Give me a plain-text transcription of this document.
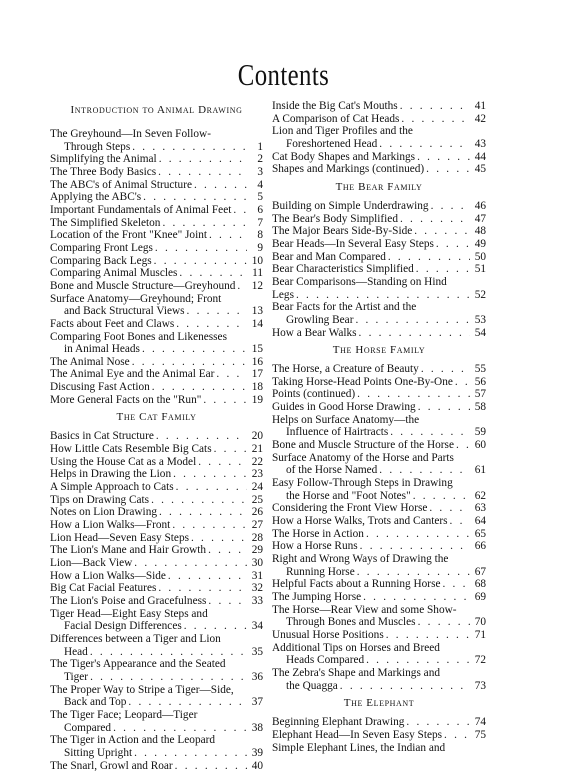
Contents
Introduction to Animal Drawing
The Greyhound—In Seven Follow-
Through Steps . . .	1
Simplifying the Animal . . .	2
The Three Body Basics . . .	3
The ABC's of Animal Structure . . .	4
Applying the ABC's . . .	5
Important Fundamentals of Animal Feet . . .	6
The Simplified Skeleton . . .	7
Location of the Front "Knee" Joint . . .	8
Comparing Front Legs . . .	9
Comparing Back Legs . . .	10
Comparing Animal Muscles . . .	11
Bone and Muscle Structure—Greyhound . . .	12
Surface Anatomy—Greyhound; Front
and Back Structural Views . . .	13
Facts about Feet and Claws . . .	14
Comparing Foot Bones and Likenesses
in Animal Heads . . .	15
The Animal Nose . . .	16
The Animal Eye and the Animal Ear . . .	17
Discusing Fast Action . . .	18
More General Facts on the "Run" . . .	19
The Cat Family
Basics in Cat Structure . . .	20
How Little Cats Resemble Big Cats . . .	21
Using the House Cat as a Model . . .	22
Helps in Drawing the Lion . . .	23
A Simple Approach to Cats . . .	24
Tips on Drawing Cats . . .	25
Notes on Lion Drawing . . .	26
How a Lion Walks—Front . . .	27
Lion Head—Seven Easy Steps . . .	28
The Lion's Mane and Hair Growth . . .	29
Lion—Back View . . .	30
How a Lion Walks—Side . . .	31
Big Cat Facial Features . . .	32
The Lion's Poise and Gracefulness . . .	33
Tiger Head—Eight Easy Steps and
Facial Design Differences . . .	34
Differences between a Tiger and Lion
Head . . .	35
The Tiger's Appearance and the Seated
Tiger . . .	36
The Proper Way to Stripe a Tiger—Side,
Back and Top . . .	37
The Tiger Face; Leopard—Tiger
Compared . . .	38
The Tiger in Action and the Leopard
Sitting Upright . . .	39
The Snarl, Growl and Roar . . .	40
Inside the Big Cat's Mouths . . .	41
A Comparison of Cat Heads . . .	42
Lion and Tiger Profiles and the
Foreshortened Head . . .	43
Cat Body Shapes and Markings . . .	44
Shapes and Markings (continued) . . .	45
The Bear Family
Building on Simple Underdrawing . . .	46
The Bear's Body Simplified . . .	47
The Major Bears Side-By-Side . . .	48
Bear Heads—In Several Easy Steps . . .	49
Bear and Man Compared . . .	50
Bear Characteristics Simplified . . .	51
Bear Comparisons—Standing on Hind
Legs . . .	52
Bear Facts for the Artist and the
Growling Bear . . .	53
How a Bear Walks . . .	54
The Horse Family
The Horse, a Creature of Beauty . . .	55
Taking Horse-Head Points One-By-One . . .	56
Points (continued) . . .	57
Guides in Good Horse Drawing . . .	58
Helps on Surface Anatomy—the
Influence of Hairtracts . . .	59
Bone and Muscle Structure of the Horse . . .	60
Surface Anatomy of the Horse and Parts
of the Horse Named . . .	61
Easy Follow-Through Steps in Drawing
the Horse and "Foot Notes" . . .	62
Considering the Front View Horse . . .	63
How a Horse Walks, Trots and Canters . . .	64
The Horse in Action . . .	65
How a Horse Runs . . .	66
Right and Wrong Ways of Drawing the
Running Horse . . .	67
Helpful Facts about a Running Horse . . .	68
The Jumping Horse . . .	69
The Horse—Rear View and some Show-
Through Bones and Muscles . . .	70
Unusual Horse Positions . . .	71
Additional Tips on Horses and Breed
Heads Compared . . .	72
The Zebra's Shape and Markings and
the Quagga . . .	73
The Elephant
Beginning Elephant Drawing . . .	74
Elephant Head—In Seven Easy Steps . . .	75
Simple Elephant Lines, the Indian and
